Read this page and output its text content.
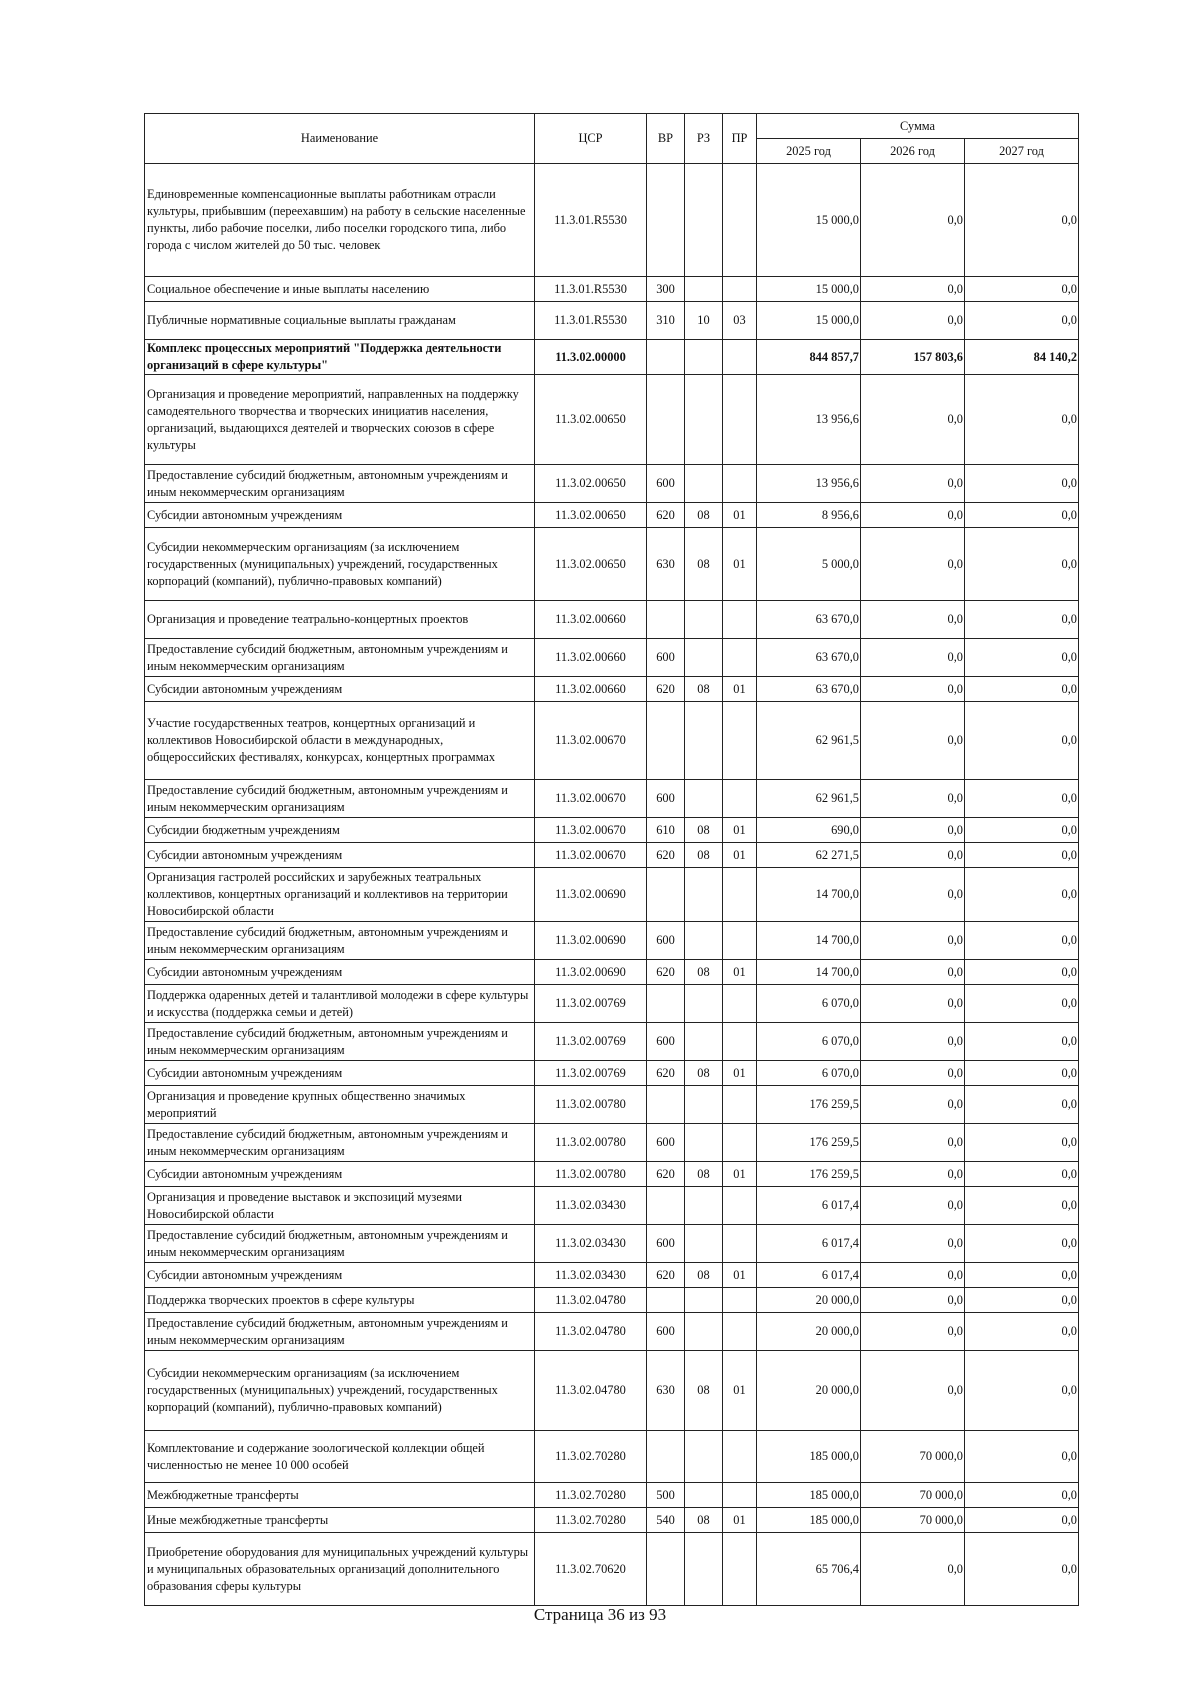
Наименование	ЦСР	ВР	РЗ	ПР	Сумма		
					2025 год	2026 год	2027 год
Единовременные компенсационные выплаты работникам отрасли культуры, прибывшим (переехавшим) на работу в сельские населенные пункты, либо рабочие поселки, либо поселки городского типа, либо города с числом жителей до 50 тыс. человек	11.3.01.R5530				15 000,0	0,0	0,0
Социальное обеспечение и иные выплаты населению	11.3.01.R5530	300			15 000,0	0,0	0,0
Публичные нормативные социальные выплаты гражданам	11.3.01.R5530	310	10	03	15 000,0	0,0	0,0
Комплекс процессных мероприятий "Поддержка деятельности организаций в сфере культуры"	11.3.02.00000				844 857,7	157 803,6	84 140,2
Организация и проведение мероприятий, направленных на поддержку самодеятельного творчества и творческих инициатив населения, организаций, выдающихся деятелей и творческих союзов в сфере культуры	11.3.02.00650				13 956,6	0,0	0,0
Предоставление субсидий бюджетным, автономным учреждениям и иным некоммерческим организациям	11.3.02.00650	600			13 956,6	0,0	0,0
Субсидии автономным учреждениям	11.3.02.00650	620	08	01	8 956,6	0,0	0,0
Субсидии некоммерческим организациям (за исключением государственных (муниципальных) учреждений, государственных корпораций (компаний), публично-правовых компаний)	11.3.02.00650	630	08	01	5 000,0	0,0	0,0
Организация и проведение театрально-концертных проектов	11.3.02.00660				63 670,0	0,0	0,0
Предоставление субсидий бюджетным, автономным учреждениям и иным некоммерческим организациям	11.3.02.00660	600			63 670,0	0,0	0,0
Субсидии автономным учреждениям	11.3.02.00660	620	08	01	63 670,0	0,0	0,0
Участие государственных театров, концертных организаций и коллективов Новосибирской области в международных, общероссийских фестивалях, конкурсах, концертных программах	11.3.02.00670				62 961,5	0,0	0,0
Предоставление субсидий бюджетным, автономным учреждениям и иным некоммерческим организациям	11.3.02.00670	600			62 961,5	0,0	0,0
Субсидии бюджетным учреждениям	11.3.02.00670	610	08	01	690,0	0,0	0,0
Субсидии автономным учреждениям	11.3.02.00670	620	08	01	62 271,5	0,0	0,0
Организация гастролей российских и зарубежных театральных коллективов, концертных организаций и коллективов на территории Новосибирской области	11.3.02.00690				14 700,0	0,0	0,0
Предоставление субсидий бюджетным, автономным учреждениям и иным некоммерческим организациям	11.3.02.00690	600			14 700,0	0,0	0,0
Субсидии автономным учреждениям	11.3.02.00690	620	08	01	14 700,0	0,0	0,0
Поддержка одаренных детей и талантливой молодежи в сфере культуры и искусства (поддержка семьи и детей)	11.3.02.00769				6 070,0	0,0	0,0
Предоставление субсидий бюджетным, автономным учреждениям и иным некоммерческим организациям	11.3.02.00769	600			6 070,0	0,0	0,0
Субсидии автономным учреждениям	11.3.02.00769	620	08	01	6 070,0	0,0	0,0
Организация и проведение крупных общественно значимых мероприятий	11.3.02.00780				176 259,5	0,0	0,0
Предоставление субсидий бюджетным, автономным учреждениям и иным некоммерческим организациям	11.3.02.00780	600			176 259,5	0,0	0,0
Субсидии автономным учреждениям	11.3.02.00780	620	08	01	176 259,5	0,0	0,0
Организация и проведение выставок и экспозиций музеями Новосибирской области	11.3.02.03430				6 017,4	0,0	0,0
Предоставление субсидий бюджетным, автономным учреждениям и иным некоммерческим организациям	11.3.02.03430	600			6 017,4	0,0	0,0
Субсидии автономным учреждениям	11.3.02.03430	620	08	01	6 017,4	0,0	0,0
Поддержка творческих проектов в сфере культуры	11.3.02.04780				20 000,0	0,0	0,0
Предоставление субсидий бюджетным, автономным учреждениям и иным некоммерческим организациям	11.3.02.04780	600			20 000,0	0,0	0,0
Субсидии некоммерческим организациям (за исключением государственных (муниципальных) учреждений, государственных корпораций (компаний), публично-правовых компаний)	11.3.02.04780	630	08	01	20 000,0	0,0	0,0
Комплектование и содержание зоологической коллекции общей численностью не менее 10 000 особей	11.3.02.70280				185 000,0	70 000,0	0,0
Межбюджетные трансферты	11.3.02.70280	500			185 000,0	70 000,0	0,0
Иные межбюджетные трансферты	11.3.02.70280	540	08	01	185 000,0	70 000,0	0,0
Приобретение оборудования для муниципальных учреждений культуры и муниципальных образовательных организаций дополнительного образования сферы культуры	11.3.02.70620				65 706,4	0,0	0,0
Страница 36 из 93
